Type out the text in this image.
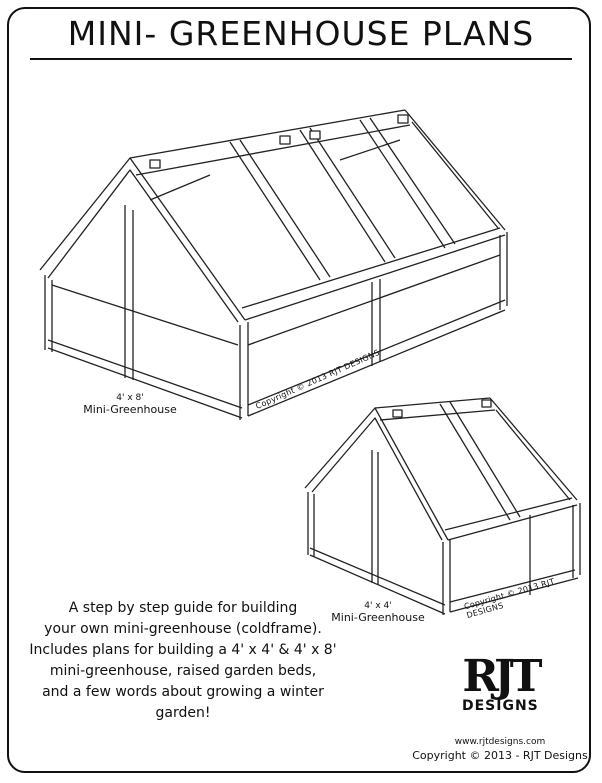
MINI- GREENHOUSE PLANS
4' x 8'
Mini-Greenhouse	Copyright © 2013 RJT DESIGNS
4' x 4'
Mini-Greenhouse
Copyright © 2013 RJT DESIGNS
A step by step guide for building
your own mini-greenhouse (coldframe).
Includes plans for building a 4' x 4' & 4' x 8'
mini-greenhouse, raised garden beds,
and a few words about growing a winter garden!
RJT
DESIGNS
www.rjtdesigns.com
Copyright © 2013 - RJT Designs
